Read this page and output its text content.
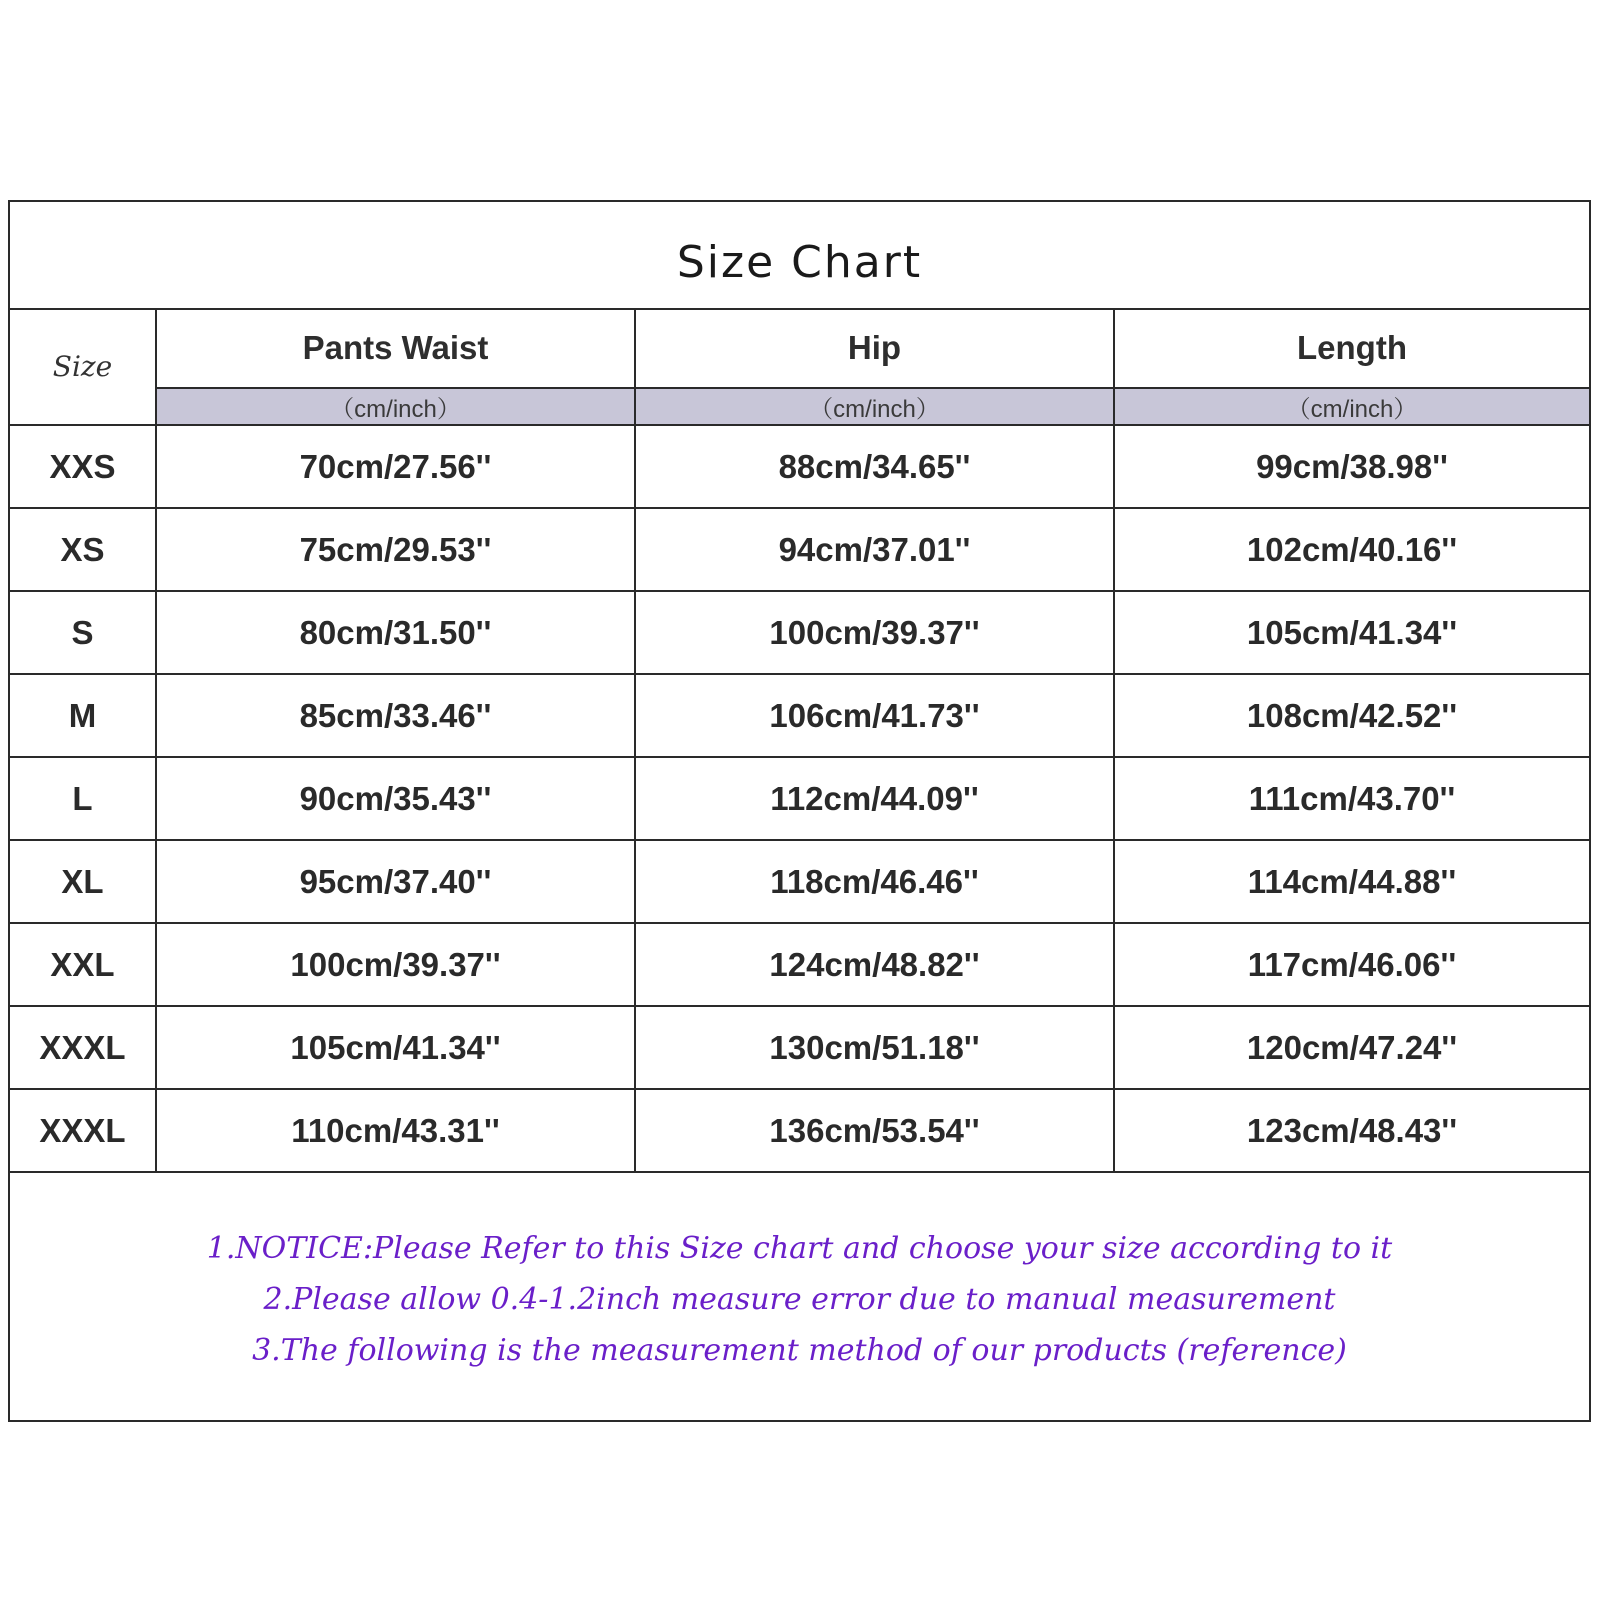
Size Chart
Size	Pants Waist	Hip	Length
	（cm/inch）	（cm/inch）	（cm/inch）
XXS	70cm/27.56''	88cm/34.65''	99cm/38.98''
XS	75cm/29.53''	94cm/37.01''	102cm/40.16''
S	80cm/31.50''	100cm/39.37''	105cm/41.34''
M	85cm/33.46''	106cm/41.73''	108cm/42.52''
L	90cm/35.43''	112cm/44.09''	111cm/43.70''
XL	95cm/37.40''	118cm/46.46''	114cm/44.88''
XXL	100cm/39.37''	124cm/48.82''	117cm/46.06''
XXXL	105cm/41.34''	130cm/51.18''	120cm/47.24''
XXXL	110cm/43.31''	136cm/53.54''	123cm/48.43''
1.NOTICE:Please Refer to this Size chart and choose your size according to it
2.Please allow 0.4-1.2inch measure error due to manual measurement
3.The following is the measurement method of our products (reference)
